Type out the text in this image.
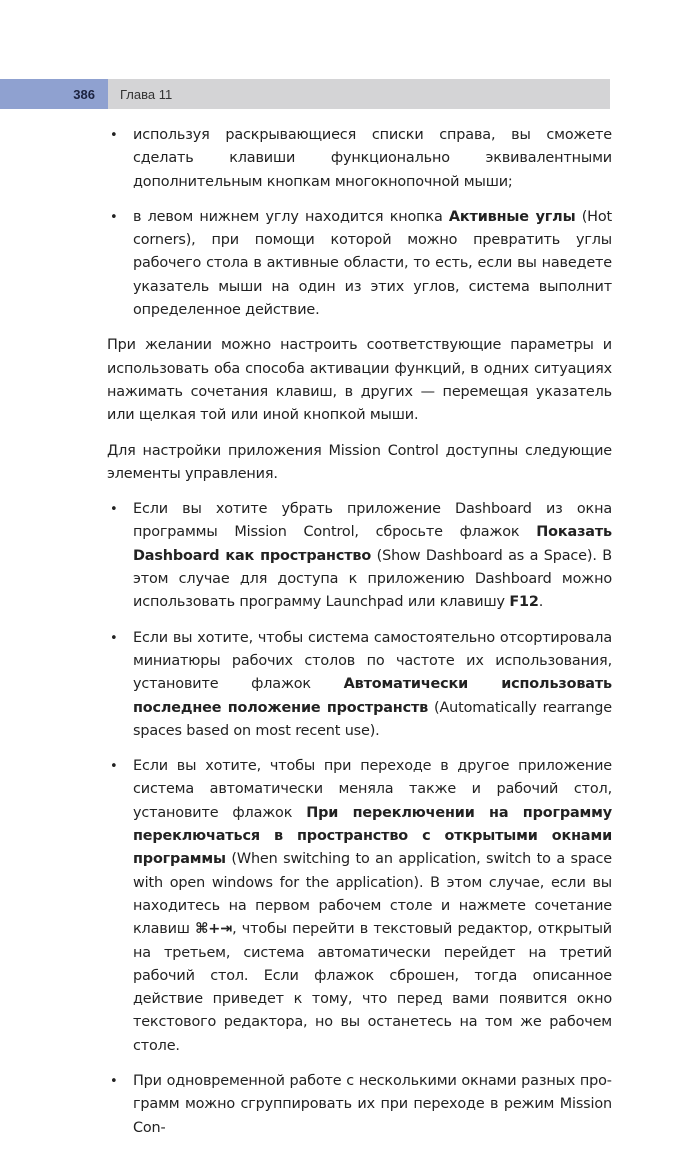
386	Глава 11
• используя раскрывающиеся списки справа, вы сможете сделать клавиши функционально эквивалентными дополнительным кнопкам многокнопочной мыши;
• в левом нижнем углу находится кнопка Активные углы (Hot corners), при помощи которой можно превратить углы рабочего стола в активные области, то есть, если вы наведете указатель мыши на один из этих углов, система выполнит определенное действие.

При желании можно настроить соответствующие параметры и использовать оба способа активации функций, в одних ситуациях нажимать сочетания клавиш, в других — перемещая указатель или щелкая той или иной кнопкой мыши.

Для настройки приложения Mission Control доступны следующие элементы управления.

• Если вы хотите убрать приложение Dashboard из окна программы Mission Control, сбросьте флажок Показать Dashboard как пространство (Show Dashboard as a Space). В этом случае для доступа к приложению Dashboard можно использовать программу Launchpad или клавишу F12.
• Если вы хотите, чтобы система самостоятельно отсортировала миниатюры рабочих столов по частоте их использования, установите флажок Автоматически использовать последнее положение пространств (Automatically rearrange spaces based on most recent use).
• Если вы хотите, чтобы при переходе в другое приложение система автоматически меняла также и рабочий стол, установите флажок При переключении на программу переключаться в пространство с открытыми окнами программы (When switching to an application, switch to a space with open windows for the application). В этом случае, если вы находитесь на первом рабочем столе и нажмете сочетание клавиш ⌘+⇥, чтобы перейти в текстовый редактор, открытый на третьем, система автоматически перейдет на третий рабочий стол. Если флажок сброшен, тогда описанное действие приведет к тому, что перед вами появится окно текстового редактора, но вы останетесь на том же рабочем столе.
• При одновременной работе с несколькими окнами разных программ можно сгруппировать их при переходе в режим Mission Con-
